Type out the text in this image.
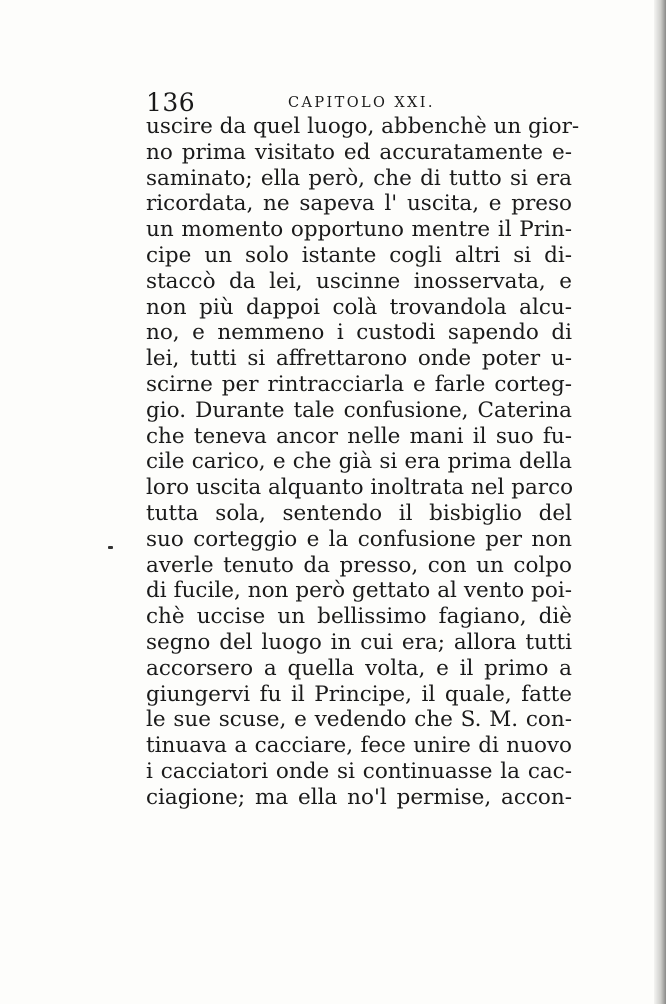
136	CAPITOLO XXI.
uscire da quel luogo, abbenchè un gior-
no prima visitato ed accuratamente e-
saminato; ella però, che di tutto si era
ricordata, ne sapeva l' uscita, e preso
un momento opportuno mentre il Prin-
cipe un solo istante cogli altri si di-
staccò da lei, uscinne inosservata, e
non più dappoi colà trovandola alcu-
no, e nemmeno i custodi sapendo di
lei, tutti si affrettarono onde poter u-
scirne per rintracciarla e farle corteg-
gio. Durante tale confusione, Caterina
che teneva ancor nelle mani il suo fu-
cile carico, e che già si era prima della
loro uscita alquanto inoltrata nel parco
tutta sola, sentendo il bisbiglio del
suo corteggio e la confusione per non
averle tenuto da presso, con un colpo
di fucile, non però gettato al vento poi-
chè uccise un bellissimo fagiano, diè
segno del luogo in cui era; allora tutti
accorsero a quella volta, e il primo a
giungervi fu il Principe, il quale, fatte
le sue scuse, e vedendo che S. M. con-
tinuava a cacciare, fece unire di nuovo
i cacciatori onde si continuasse la cac-
ciagione; ma ella no'l permise, accon-
